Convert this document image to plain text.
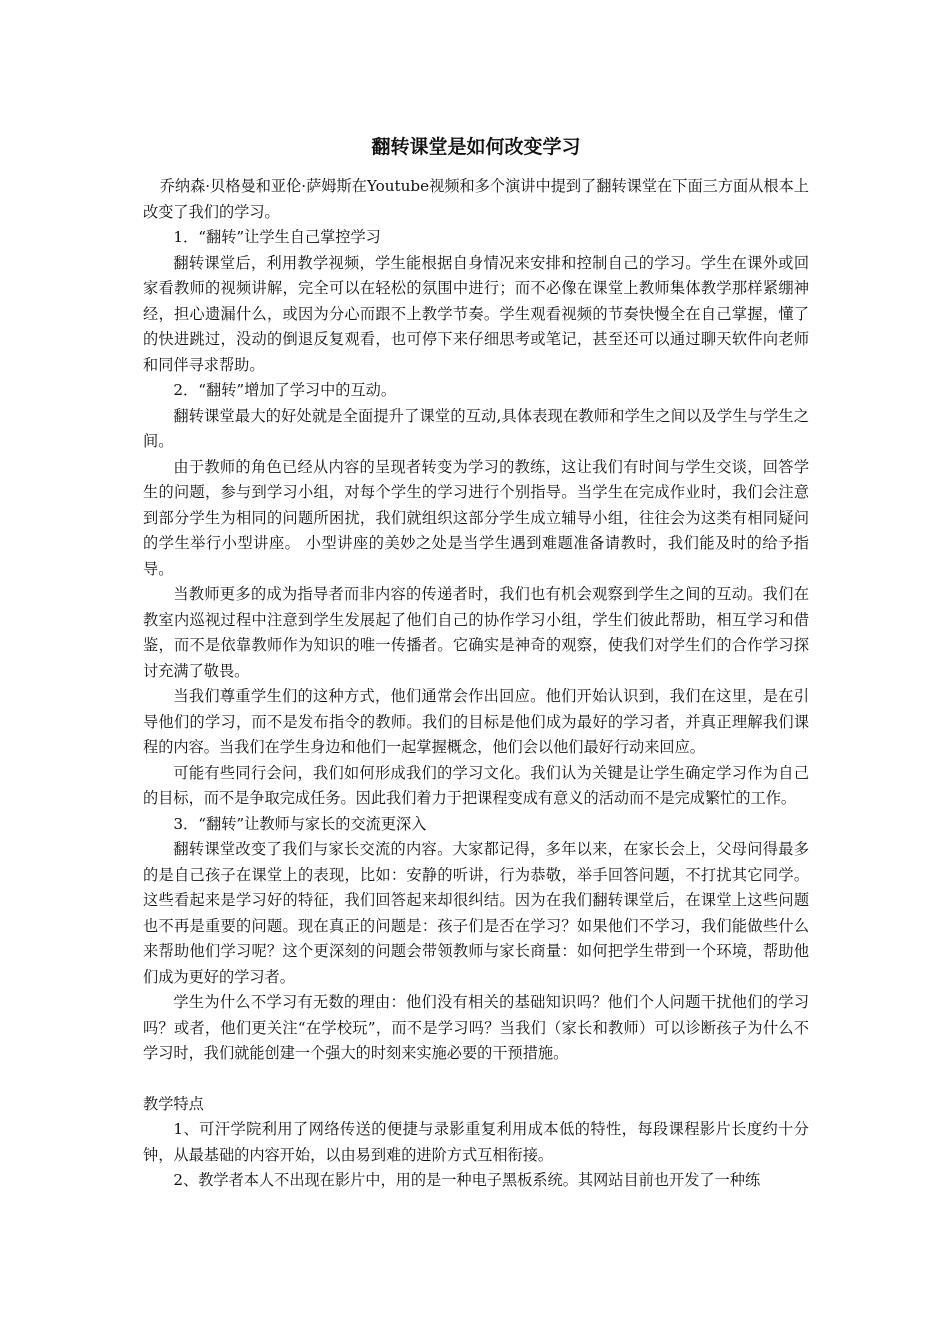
翻转课堂是如何改变学习

乔纳森·贝格曼和亚伦·萨姆斯在Youtube视频和多个演讲中提到了翻转课堂在下面三方面从根本上改变了我们的学习。

1．“翻转”让学生自己掌控学习

翻转课堂后，利用教学视频，学生能根据自身情况来安排和控制自己的学习。学生在课外或回家看教师的视频讲解，完全可以在轻松的氛围中进行；而不必像在课堂上教师集体教学那样紧绷神经，担心遗漏什么，或因为分心而跟不上教学节奏。学生观看视频的节奏快慢全在自己掌握，懂了的快进跳过，没动的倒退反复观看，也可停下来仔细思考或笔记，甚至还可以通过聊天软件向老师和同伴寻求帮助。

2．“翻转”增加了学习中的互动。

翻转课堂最大的好处就是全面提升了课堂的互动,具体表现在教师和学生之间以及学生与学生之间。

由于教师的角色已经从内容的呈现者转变为学习的教练，这让我们有时间与学生交谈，回答学生的问题，参与到学习小组，对每个学生的学习进行个别指导。当学生在完成作业时，我们会注意到部分学生为相同的问题所困扰，我们就组织这部分学生成立辅导小组，往往会为这类有相同疑问的学生举行小型讲座。 小型讲座的美妙之处是当学生遇到难题准备请教时，我们能及时的给予指导。

当教师更多的成为指导者而非内容的传递者时，我们也有机会观察到学生之间的互动。我们在教室内巡视过程中注意到学生发展起了他们自己的协作学习小组，学生们彼此帮助，相互学习和借鉴，而不是依靠教师作为知识的唯一传播者。它确实是神奇的观察，使我们对学生们的合作学习探讨充满了敬畏。

当我们尊重学生们的这种方式，他们通常会作出回应。他们开始认识到，我们在这里，是在引导他们的学习，而不是发布指令的教师。我们的目标是他们成为最好的学习者，并真正理解我们课程的内容。当我们在学生身边和他们一起掌握概念，他们会以他们最好行动来回应。

可能有些同行会问，我们如何形成我们的学习文化。我们认为关键是让学生确定学习作为自己的目标，而不是争取完成任务。因此我们着力于把课程变成有意义的活动而不是完成繁忙的工作。

3．“翻转”让教师与家长的交流更深入

翻转课堂改变了我们与家长交流的内容。大家都记得，多年以来，在家长会上，父母问得最多的是自己孩子在课堂上的表现，比如：安静的听讲，行为恭敬，举手回答问题，不打扰其它同学。这些看起来是学习好的特征，我们回答起来却很纠结。因为在我们翻转课堂后，在课堂上这些问题也不再是重要的问题。现在真正的问题是：孩子们是否在学习？如果他们不学习，我们能做些什么来帮助他们学习呢？这个更深刻的问题会带领教师与家长商量：如何把学生带到一个环境，帮助他们成为更好的学习者。

学生为什么不学习有无数的理由：他们没有相关的基础知识吗？他们个人问题干扰他们的学习吗？或者，他们更关注“在学校玩”，而不是学习吗？当我们（家长和教师）可以诊断孩子为什么不学习时，我们就能创建一个强大的时刻来实施必要的干预措施。

教学特点

1、可汗学院利用了网络传送的便捷与录影重复利用成本低的特性，每段课程影片长度约十分钟，从最基础的内容开始，以由易到难的进阶方式互相衔接。

2、教学者本人不出现在影片中，用的是一种电子黑板系统。其网站目前也开发了一种练
